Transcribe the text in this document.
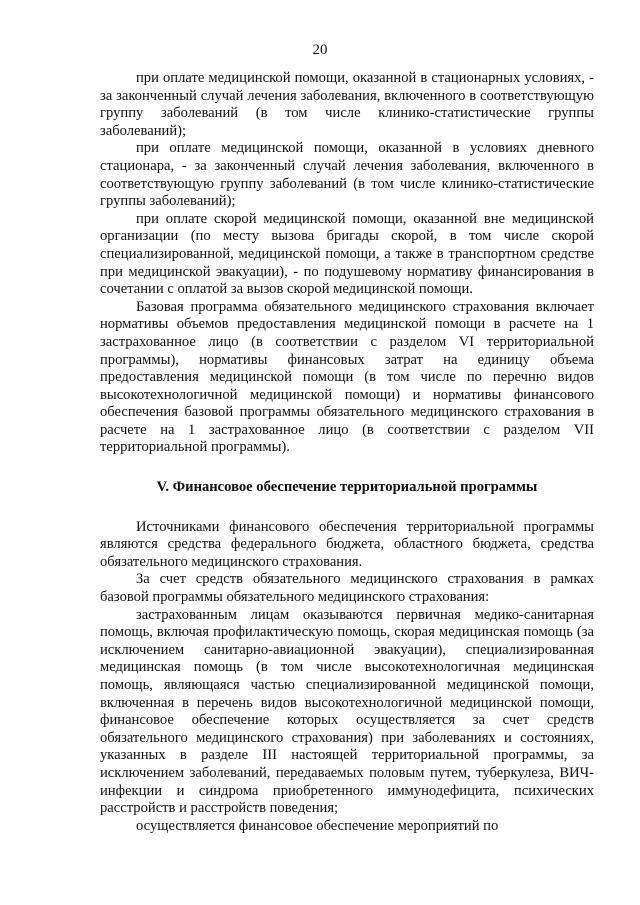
20

при оплате медицинской помощи, оказанной в стационарных условиях, - за законченный случай лечения заболевания, включенного в соответствующую группу заболеваний (в том числе клинико-статистические группы заболеваний);

при оплате медицинской помощи, оказанной в условиях дневного стационара, - за законченный случай лечения заболевания, включенного в соответствующую группу заболеваний (в том числе клинико-статистические группы заболеваний);

при оплате скорой медицинской помощи, оказанной вне медицинской организации (по месту вызова бригады скорой, в том числе скорой специализированной, медицинской помощи, а также в транспортном средстве при медицинской эвакуации), - по подушевому нормативу финансирования в сочетании с оплатой за вызов скорой медицинской помощи.

Базовая программа обязательного медицинского страхования включает нормативы объемов предоставления медицинской помощи в расчете на 1 застрахованное лицо (в соответствии с разделом VI территориальной программы), нормативы финансовых затрат на единицу объема предоставления медицинской помощи (в том числе по перечню видов высокотехнологичной медицинской помощи) и нормативы финансового обеспечения базовой программы обязательного медицинского страхования в расчете на 1 застрахованное лицо (в соответствии с разделом VII территориальной программы).

V. Финансовое обеспечение территориальной программы

Источниками финансового обеспечения территориальной программы являются средства федерального бюджета, областного бюджета, средства обязательного медицинского страхования.

За счет средств обязательного медицинского страхования в рамках базовой программы обязательного медицинского страхования:

застрахованным лицам оказываются первичная медико-санитарная помощь, включая профилактическую помощь, скорая медицинская помощь (за исключением санитарно-авиационной эвакуации), специализированная медицинская помощь (в том числе высокотехнологичная медицинская помощь, являющаяся частью специализированной медицинской помощи, включенная в перечень видов высокотехнологичной медицинской помощи, финансовое обеспечение которых осуществляется за счет средств обязательного медицинского страхования) при заболеваниях и состояниях, указанных в разделе III настоящей территориальной программы, за исключением заболеваний, передаваемых половым путем, туберкулеза, ВИЧ-инфекции и синдрома приобретенного иммунодефицита, психических расстройств и расстройств поведения;

осуществляется финансовое обеспечение мероприятий по
